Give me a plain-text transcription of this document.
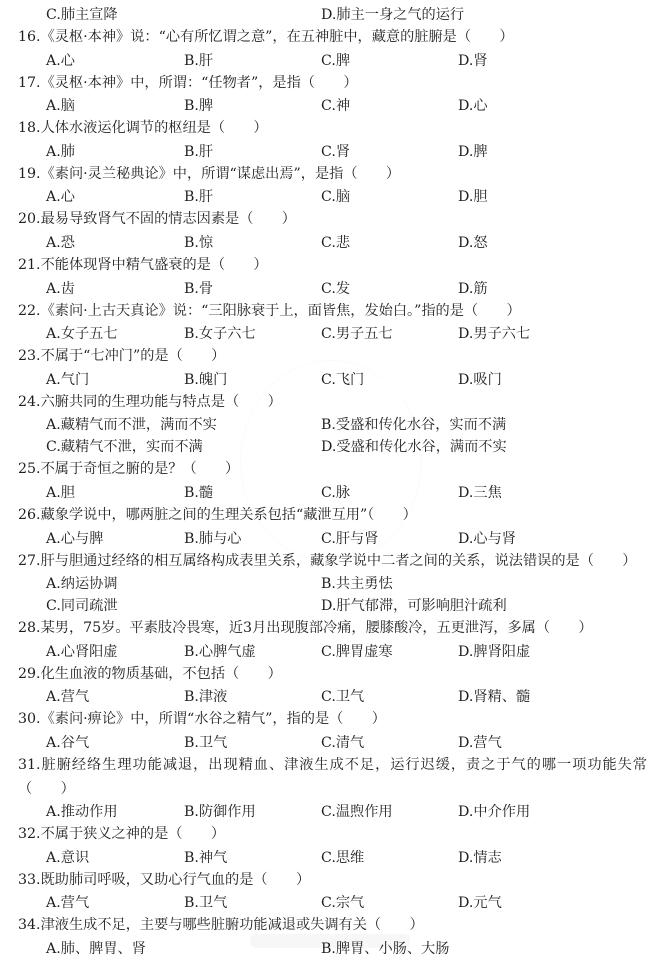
C.肺主宣降	D.肺主一身之气的运行
16.《灵枢·本神》说：“心有所忆谓之意”，在五神脏中，藏意的脏腑是（　　）
A.心	B.肝	C.脾	D.肾
17.《灵枢·本神》中，所谓：“任物者”，是指（　　）
A.脑	B.脾	C.神	D.心
18.人体水液运化调节的枢纽是（　　）
A.肺	B.肝	C.肾	D.脾
19.《素问·灵兰秘典论》中，所谓“谋虑出焉”，是指（　　）
A.心	B.肝	C.脑	D.胆
20.最易导致肾气不固的情志因素是（　　）
A.恐	B.惊	C.悲	D.怒
21.不能体现肾中精气盛衰的是（　　）
A.齿	B.骨	C.发	D.筋
22.《素问·上古天真论》说：“三阳脉衰于上，面皆焦，发始白。”指的是（　　）
A.女子五七	B.女子六七	C.男子五七	D.男子六七
23.不属于“七冲门”的是（　　）
A.气门	B.魄门	C.飞门	D.吸门
24.六腑共同的生理功能与特点是（　　）
A.藏精气而不泄，满而不实	B.受盛和传化水谷，实而不满
C.藏精气不泄，实而不满	D.受盛和传化水谷，满而不实
25.不属于奇恒之腑的是？（　　）
A.胆	B.髓	C.脉	D.三焦
26.藏象学说中，哪两脏之间的生理关系包括“藏泄互用”（　　）
A.心与脾	B.肺与心	C.肝与肾	D.心与肾
27.肝与胆通过经络的相互属络构成表里关系，藏象学说中二者之间的关系，说法错误的是（　　）
A.纳运协调	B.共主勇怯
C.同司疏泄	D.肝气郁滞，可影响胆汁疏利
28.某男，75岁。平素肢冷畏寒，近3月出现腹部冷痛，腰膝酸冷，五更泄泻，多属（　　）
A.心肾阳虚	B.心脾气虚	C.脾胃虚寒	D.脾肾阳虚
29.化生血液的物质基础，不包括（　　）
A.营气	B.津液	C.卫气	D.肾精、髓
30.《素问·痹论》中，所谓“水谷之精气”，指的是（　　）
A.谷气	B.卫气	C.清气	D.营气
31.脏腑经络生理功能减退，出现精血、津液生成不足，运行迟缓，责之于气的哪一项功能失常（　　）
A.推动作用	B.防御作用	C.温煦作用	D.中介作用
32.不属于狭义之神的是（　　）
A.意识	B.神气	C.思维	D.情志
33.既助肺司呼吸，又助心行气血的是（　　）
A.营气	B.卫气	C.宗气	D.元气
34.津液生成不足，主要与哪些脏腑功能减退或失调有关（　　）
A.肺、脾胃、肾	B.脾胃、小肠、大肠
